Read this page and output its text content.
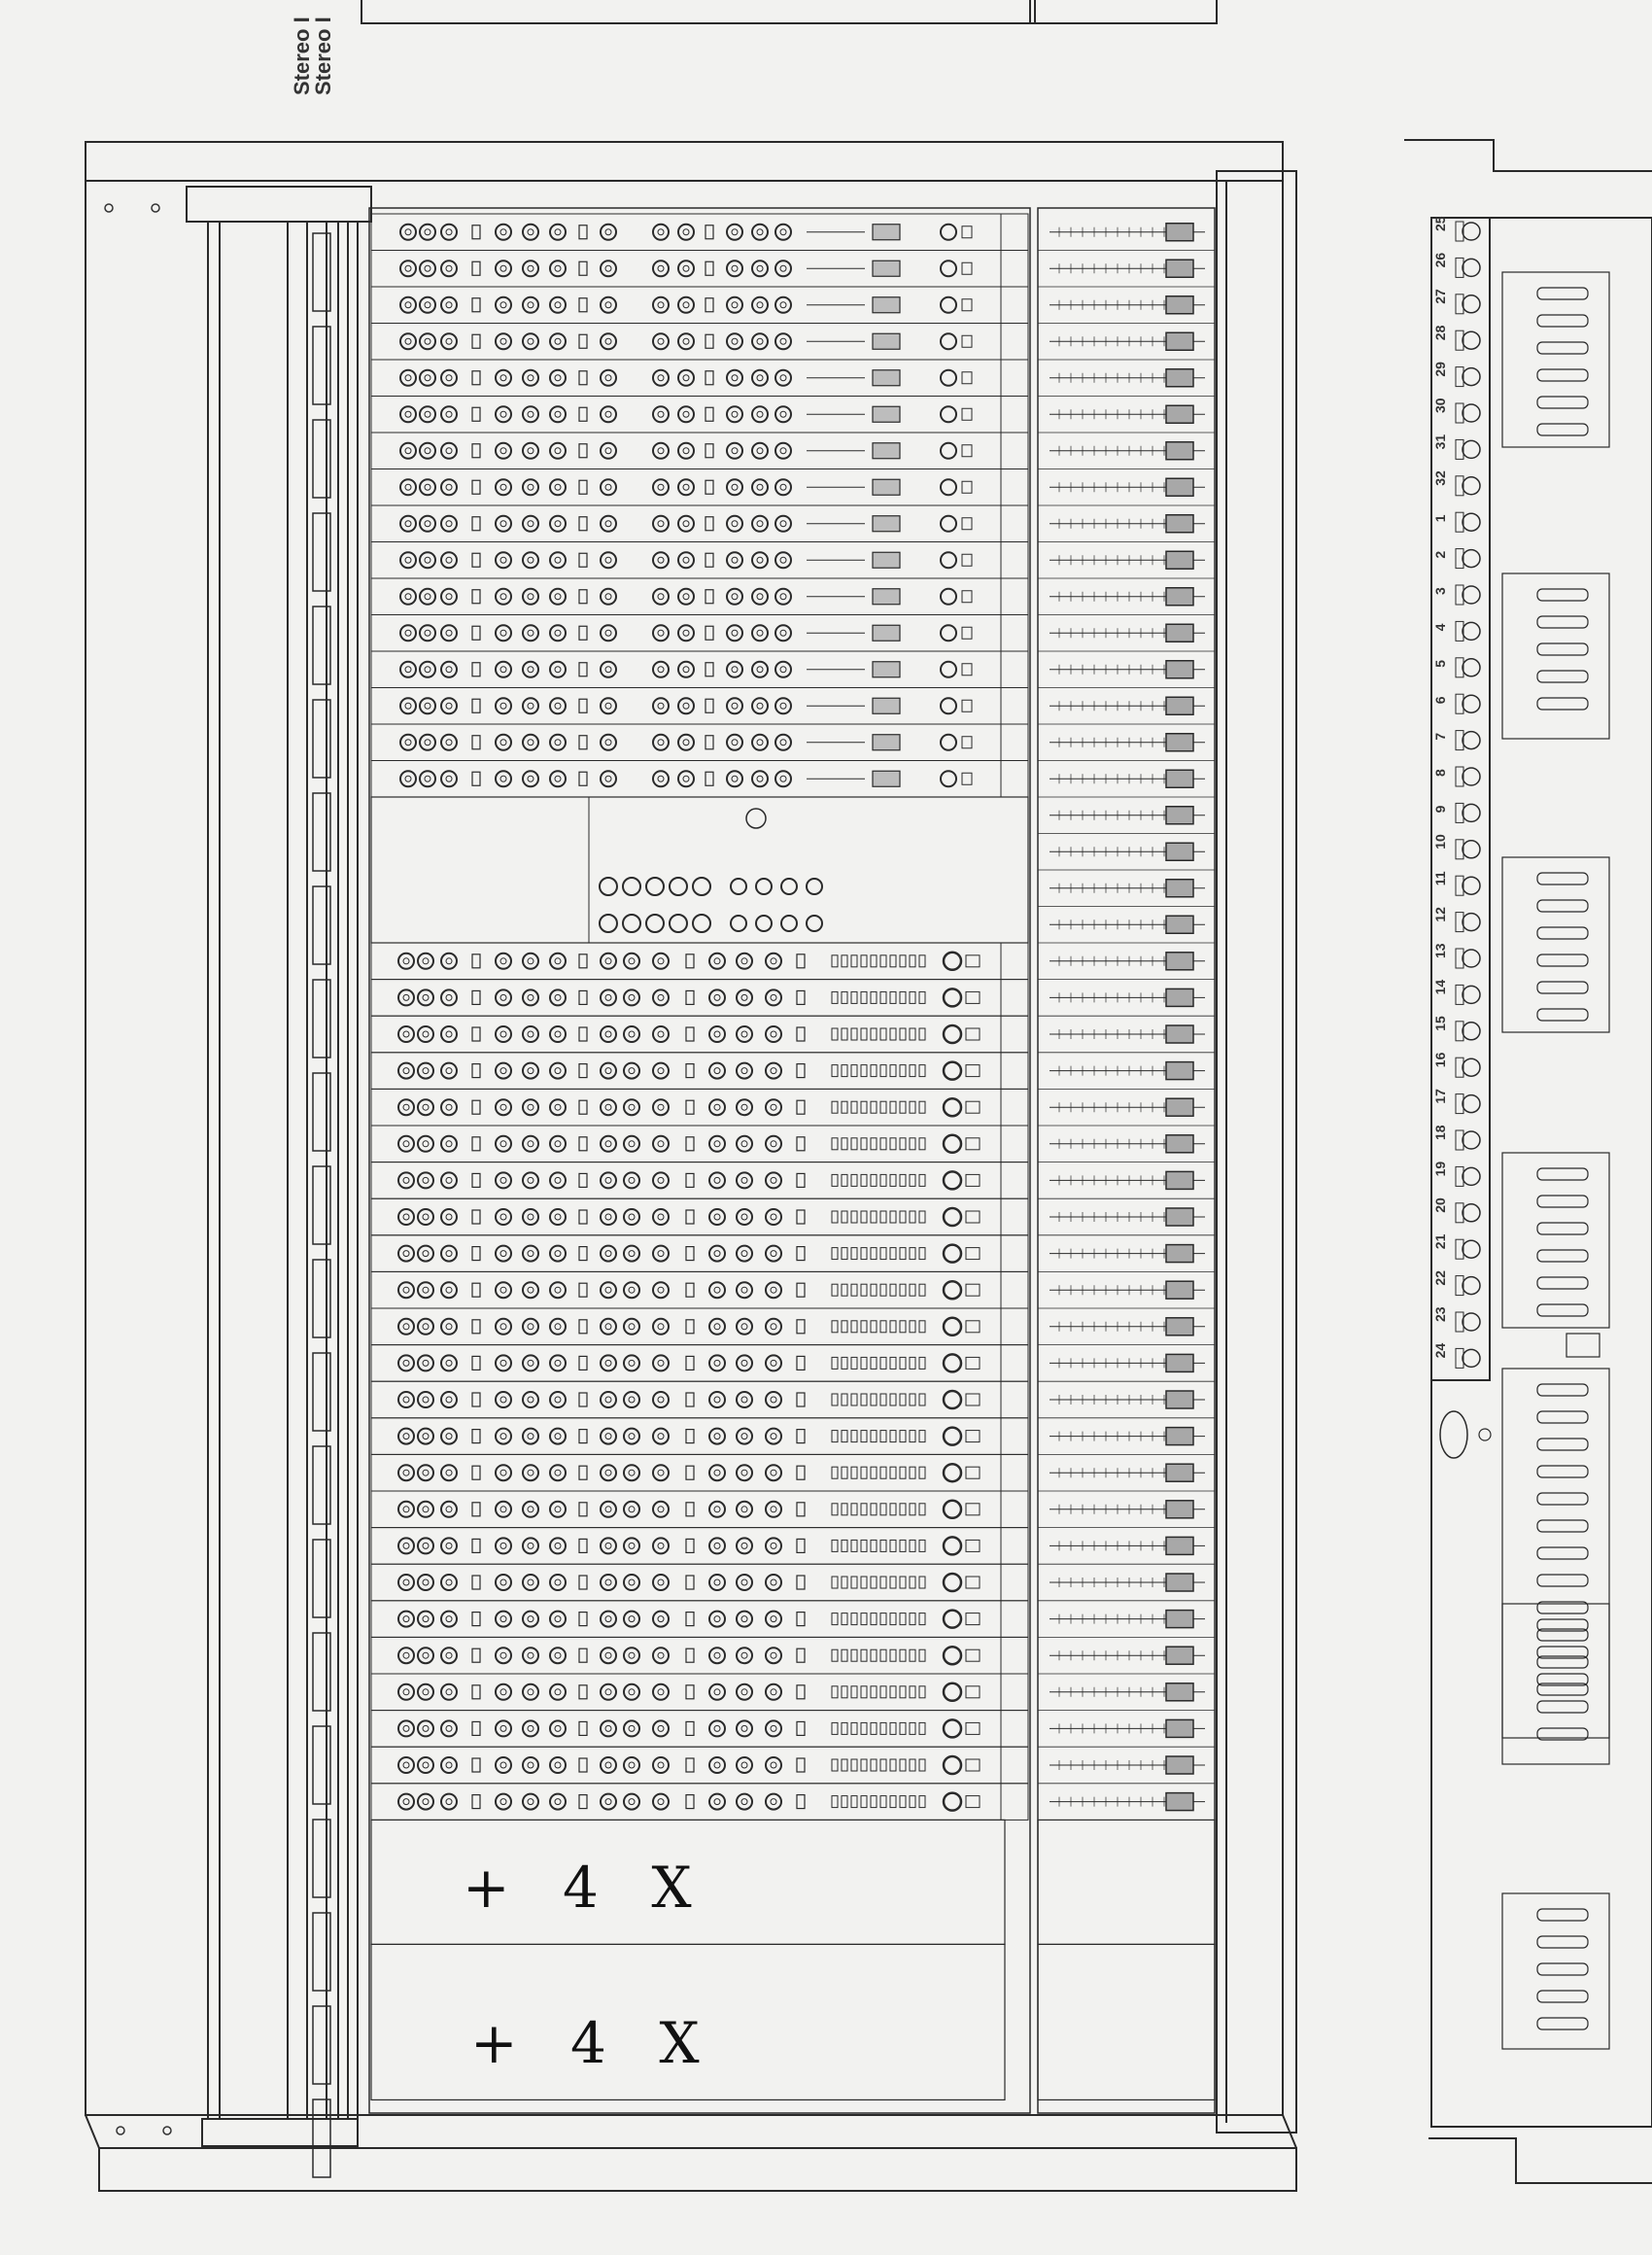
Stereo I
Stereo I
25
26
27
28
29
30
31
32
1
2
3
4
5
6
7
8
9
10
11
12
13
14
15
16
17
18
19
20
21
22
23
24
+ 4 X
+ 4 X
